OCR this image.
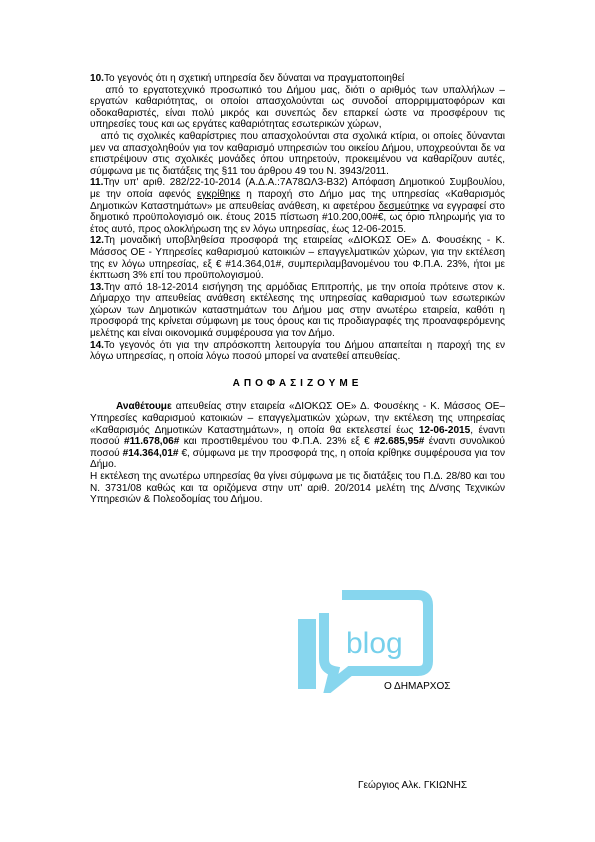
10.Το γεγονός ότι η σχετική υπηρεσία δεν δύναται να πραγματοποιηθεί

από το εργατοτεχνικό προσωπικό του Δήμου μας, διότι ο αριθμός των υπαλλήλων – εργατών καθαριότητας, οι οποίοι απασχολούνται ως συνοδοί απορριμματοφόρων και οδοκαθαριστές, είναι πολύ μικρός και συνεπώς δεν επαρκεί ώστε να προσφέρουν τις υπηρεσίες τους και ως εργάτες καθαριότητας εσωτερικών χώρων,

από τις σχολικές καθαρίστριες που απασχολούνται στα σχολικά κτίρια, οι οποίες δύνανται μεν να απασχοληθούν για τον καθαρισμό υπηρεσιών του οικείου Δήμου, υποχρεούνται δε να επιστρέψουν στις σχολικές μονάδες όπου υπηρετούν, προκειμένου να καθαρίζουν αυτές, σύμφωνα με τις διατάξεις της §11 του άρθρου 49 του Ν. 3943/2011.

11.Την υπ' αριθ. 282/22-10-2014 (Α.Δ.Α.:7Α78ΩΛ3-Β32) Απόφαση Δημοτικού Συμβουλίου, με την οποία αφενός εγκρίθηκε η παροχή στο Δήμο μας της υπηρεσίας «Καθαρισμός Δημοτικών Καταστημάτων» με απευθείας ανάθεση, κι αφετέρου δεσμεύτηκε να εγγραφεί στο δημοτικό προϋπολογισμό οικ. έτους 2015 πίστωση #10.200,00#€, ως όριο πληρωμής για το έτος αυτό, προς ολοκλήρωση της εν λόγω υπηρεσίας, έως 12-06-2015.

12.Τη μοναδική υποβληθείσα προσφορά της εταιρείας «ΔΙΟΚΩΣ ΟΕ» Δ. Φουσέκης - Κ. Μάσσος ΟΕ - Υπηρεσίες καθαρισμού κατοικιών – επαγγελματικών χώρων, για την εκτέλεση της εν λόγω υπηρεσίας, εξ € #14.364,01#, συμπεριλαμβανομένου του Φ.Π.Α. 23%, ήτοι με έκπτωση 3% επί του προϋπολογισμού.

13.Την από 18-12-2014 εισήγηση της αρμόδιας Επιτροπής, με την οποία πρότεινε στον κ. Δήμαρχο την απευθείας ανάθεση εκτέλεσης της υπηρεσίας καθαρισμού των εσωτερικών χώρων των Δημοτικών καταστημάτων του Δήμου μας στην ανωτέρω εταιρεία, καθότι η προσφορά της κρίνεται σύμφωνη με τους όρους και τις προδιαγραφές της προαναφερόμενης μελέτης και είναι οικονομικά συμφέρουσα για τον Δήμο.

14.Το γεγονός ότι για την απρόσκοπτη λειτουργία του Δήμου απαιτείται η παροχή της εν λόγω υπηρεσίας, η οποία λόγω ποσού μπορεί να ανατεθεί απευθείας.

ΑΠΟΦΑΣΙΖΟΥΜΕ

Αναθέτουμε απευθείας στην εταιρεία «ΔΙΟΚΩΣ ΟΕ» Δ. Φουσέκης - Κ. Μάσσος ΟΕ– Υπηρεσίες καθαρισμού κατοικιών – επαγγελματικών χώρων, την εκτέλεση της υπηρεσίας «Καθαρισμός Δημοτικών Καταστημάτων», η οποία θα εκτελεστεί έως 12-06-2015, έναντι ποσού #11.678,06# και προστιθεμένου του Φ.Π.Α. 23% εξ € #2.685,95# έναντι συνολικού ποσού #14.364,01# €, σύμφωνα με την προσφορά της, η οποία κρίθηκε συμφέρουσα για τον Δήμο.

Η εκτέλεση της ανωτέρω υπηρεσίας θα γίνει σύμφωνα με τις διατάξεις του Π.Δ. 28/80 και του Ν. 3731/08 καθώς και τα οριζόμενα στην υπ' αριθ. 20/2014 μελέτη της Δ/νσης Τεχνικών Υπηρεσιών & Πολεοδομίας του Δήμου.

Ο ΔΗΜΑΡΧΟΣ
Γεώργιος Αλκ. ΓΚΙΩΝΗΣ
blog
